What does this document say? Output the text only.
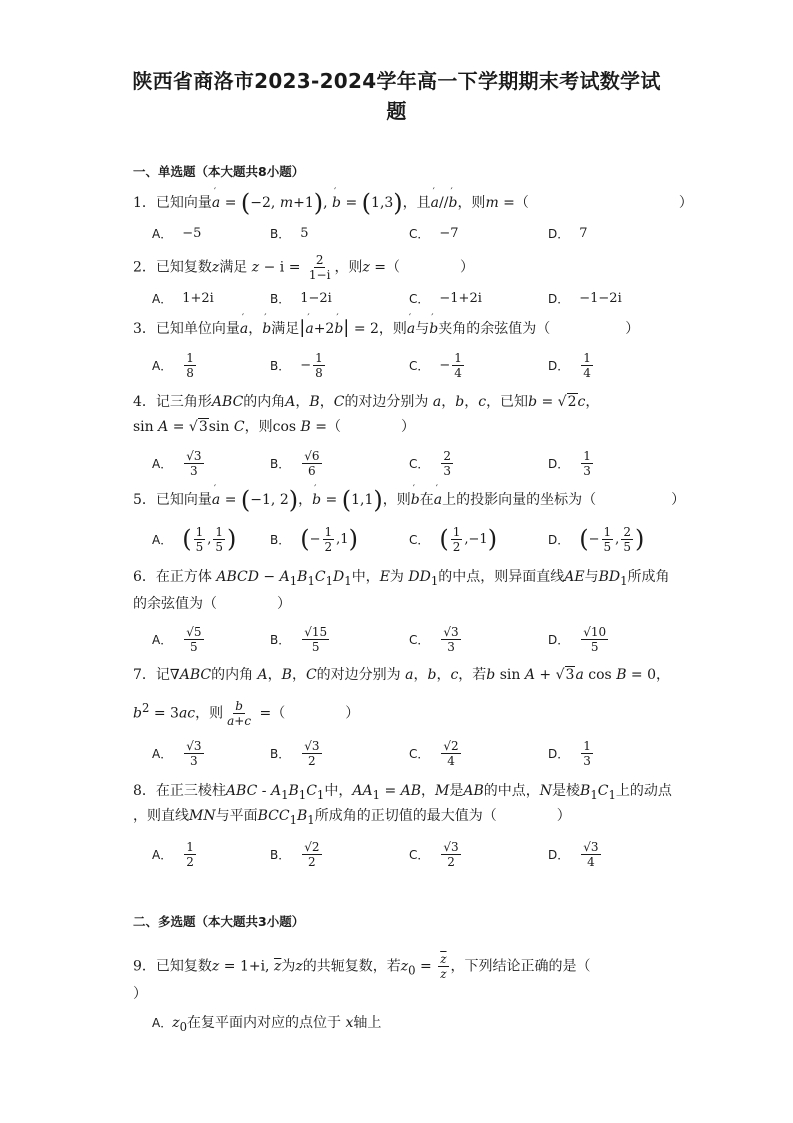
陕西省商洛市2023-2024学年高一下学期期末考试数学试
题
一、单选题（本大题共8小题）
1．已知向量′ a = (−2, m+1), ′ b = (1,3)，且′ a//′ b，则m =（	）
A． −5	B． 5	C． −7	D． 7
2．已知复数z满足 $z - i = \frac{2}{1-i}$ ，则z =（	）
A． 1+2i	B． 1−2i	C． −1+2i	D． −1−2i
3．已知单位向量′ a，′ b满足|′ a+2′ b| = 2，则′ a与′ b夹角的余弦值为（	）
A． $\frac{1}{8}$	B． − $\frac{1}{8}$	C． − $\frac{1}{4}$	D． $\frac{1}{4}$
4．记三角形ABC的内角A，B，C的对边分别为 a，b，c，已知b = √2c，
sin A = √3sin C，则cos B =（	）
A． $\frac{√3}{3}$	B． $\frac{√6}{6}$	C． $\frac{2}{3}$	D． $\frac{1}{3}$
5．已知向量′ a = (−1, 2)，′ b = (1,1)，则′ b在′ a上的投影向量的坐标为（	）
A． ( $\frac{1}{5}$ , $\frac{1}{5}$ )	B． ( − $\frac{1}{2} ,1$ )	C． ( $\frac{1}{2} ,-1$ )	D． ( − $\frac{1}{5}$ , $\frac{2}{5}$ )
6．在正方体 ABCD − $A_1B_1C_1D_1$中，E为 $DD_1$的中点，则异面直线AE与$BD_1$所成角
的余弦值为（	）
A． $\frac{√5}{5}$	B． $\frac{√15}{5}$	C． $\frac{√3}{3}$	D． $\frac{√10}{5}$
7．记∇ABC的内角 A，B，C的对边分别为 a，b，c，若b sin A + √3a cos B = 0，
$b^2 = 3ac$，则 $\frac{b}{a+c}$ =（	）
A． $\frac{√3}{3}$	B． $\frac{√3}{2}$	C． $\frac{√2}{4}$	D． $\frac{1}{3}$
8．在正三棱柱ABC - $A_1B_1C_1$中，$AA_1$ = AB，M是AB的中点，N是棱$B_1C_1$上的动点
，则直线MN与平面$BCC_1B_1$所成角的正切值的最大值为（	）
A． $\frac{1}{2}$	B． $\frac{√2}{2}$	C． $\frac{√3}{2}$	D． $\frac{√3}{4}$
二、多选题（本大题共3小题）
9．已知复数z = 1+i, $\overline{z}$为z的共轭复数，若$z_0 = \frac{\overline{z}}{z}$ ，下列结论正确的是（
）
A．$z_0$在复平面内对应的点位于 x轴上
